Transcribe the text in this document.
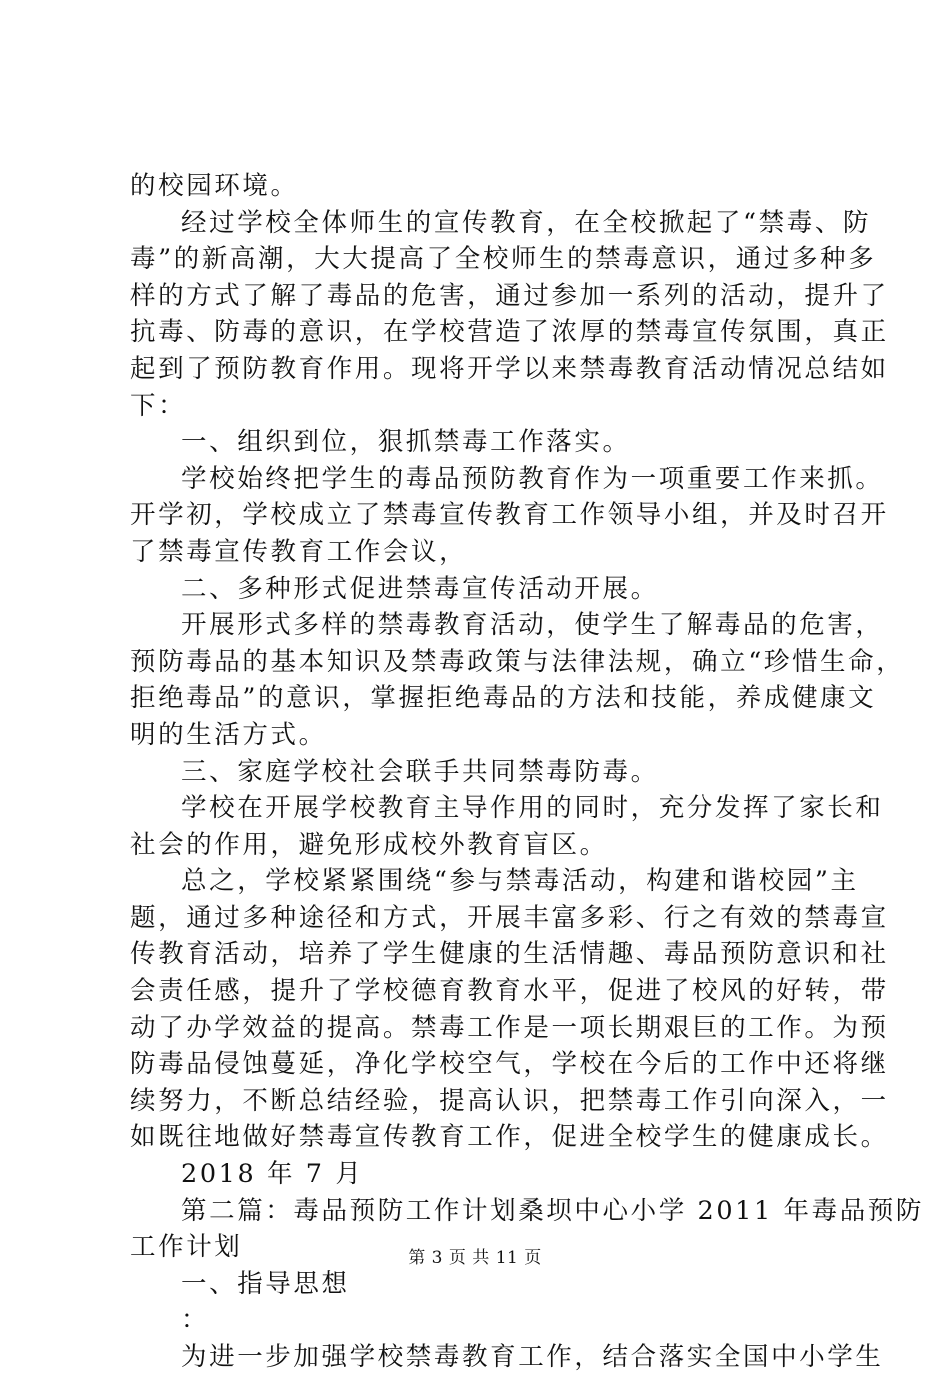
的校园环境。
经过学校全体师生的宣传教育，在全校掀起了“禁毒、防
毒”的新高潮，大大提高了全校师生的禁毒意识，通过多种多
样的方式了解了毒品的危害，通过参加一系列的活动，提升了
抗毒、防毒的意识，在学校营造了浓厚的禁毒宣传氛围，真正
起到了预防教育作用。现将开学以来禁毒教育活动情况总结如
下：
一、组织到位，狠抓禁毒工作落实。
学校始终把学生的毒品预防教育作为一项重要工作来抓。
开学初，学校成立了禁毒宣传教育工作领导小组，并及时召开
了禁毒宣传教育工作会议，
二、多种形式促进禁毒宣传活动开展。
开展形式多样的禁毒教育活动，使学生了解毒品的危害，
预防毒品的基本知识及禁毒政策与法律法规，确立“珍惜生命，
拒绝毒品”的意识，掌握拒绝毒品的方法和技能，养成健康文
明的生活方式。
三、家庭学校社会联手共同禁毒防毒。
学校在开展学校教育主导作用的同时，充分发挥了家长和
社会的作用，避免形成校外教育盲区。
总之，学校紧紧围绕“参与禁毒活动，构建和谐校园”主
题，通过多种途径和方式，开展丰富多彩、行之有效的禁毒宣
传教育活动，培养了学生健康的生活情趣、毒品预防意识和社
会责任感，提升了学校德育教育水平，促进了校风的好转，带
动了办学效益的提高。禁毒工作是一项长期艰巨的工作。为预
防毒品侵蚀蔓延，净化学校空气，学校在今后的工作中还将继
续努力，不断总结经验，提高认识，把禁毒工作引向深入，一
如既往地做好禁毒宣传教育工作，促进全校学生的健康成长。
2018 年 7 月
第二篇：毒品预防工作计划桑坝中心小学 2011 年毒品预防
工作计划
一、指导思想
：
为进一步加强学校禁毒教育工作，结合落实全国中小学生
第 3 页 共 11 页
